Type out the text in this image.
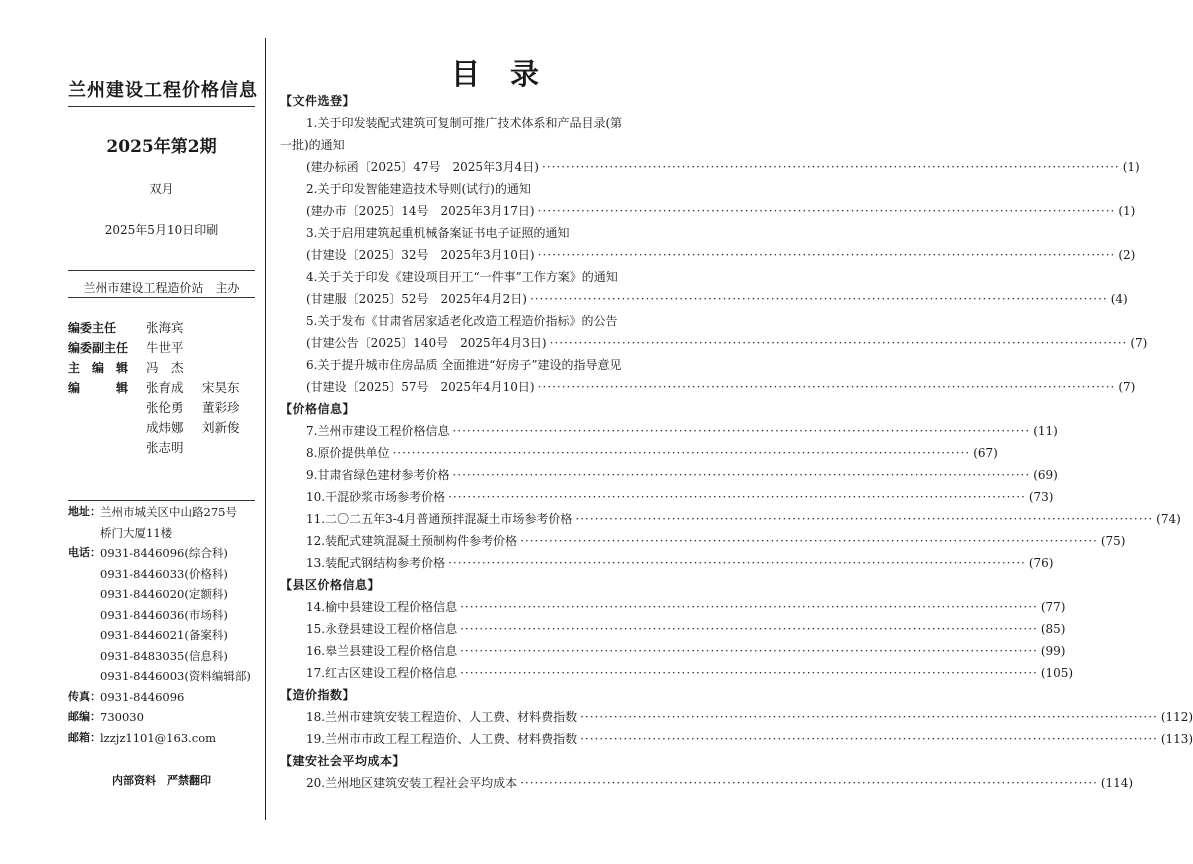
兰州建设工程价格信息
2025年第2期
双月
2025年5月10日印刷
兰州市建设工程造价站　主办
编委主任	张海宾
编委副主任	牛世平
主　编　辑	冯　杰
编　　　辑	张育成	宋昊东
张伦勇	董彩珍
成炜娜	刘新俊
张志明
地址： 兰州市城关区中山路275号
桥门大厦11楼
电话： 0931-8446096(综合科)
0931-8446033(价格科)
0931-8446020(定额科)
0931-8446036(市场科)
0931-8446021(备案科)
0931-8483035(信息科)
0931-8446003(资料编辑部)
传真： 0931-8446096
邮编： 730030
邮箱： lzzjz1101@163.com
内部资料　严禁翻印
目录
【文件选登】
1.关于印发装配式建筑可复制可推广技术体系和产品目录(第
一批)的通知
(建办标函〔2025〕47号　2025年3月4日) ························································································································ (1)
2.关于印发智能建造技术导则(试行)的通知
(建办市〔2025〕14号　2025年3月17日) ························································································································ (1)
3.关于启用建筑起重机械备案证书电子证照的通知
(甘建设〔2025〕32号　2025年3月10日) ························································································································ (2)
4.关于关于印发《建设项目开工“一件事”工作方案》的通知
(甘建服〔2025〕52号　2025年4月2日) ························································································································ (4)
5.关于发布《甘肃省居家适老化改造工程造价指标》的公告
(甘建公告〔2025〕140号　2025年4月3日) ························································································································ (7)
6.关于提升城市住房品质 全面推进“好房子”建设的指导意见
(甘建设〔2025〕57号　2025年4月10日) ························································································································ (7)
【价格信息】
7.兰州市建设工程价格信息 ························································································································ (11)
8.原价提供单位 ························································································································ (67)
9.甘肃省绿色建材参考价格 ························································································································ (69)
10.干混砂浆市场参考价格 ························································································································ (73)
11.二〇二五年3-4月普通预拌混凝土市场参考价格 ························································································································ (74)
12.装配式建筑混凝土预制构件参考价格 ························································································································ (75)
13.装配式钢结构参考价格 ························································································································ (76)
【县区价格信息】
14.榆中县建设工程价格信息 ························································································································ (77)
15.永登县建设工程价格信息 ························································································································ (85)
16.皋兰县建设工程价格信息 ························································································································ (99)
17.红古区建设工程价格信息 ························································································································ (105)
【造价指数】
18.兰州市建筑安装工程造价、人工费、材料费指数 ························································································································ (112)
19.兰州市市政工程工程造价、人工费、材料费指数 ························································································································ (113)
【建安社会平均成本】
20.兰州地区建筑安装工程社会平均成本 ························································································································ (114)
